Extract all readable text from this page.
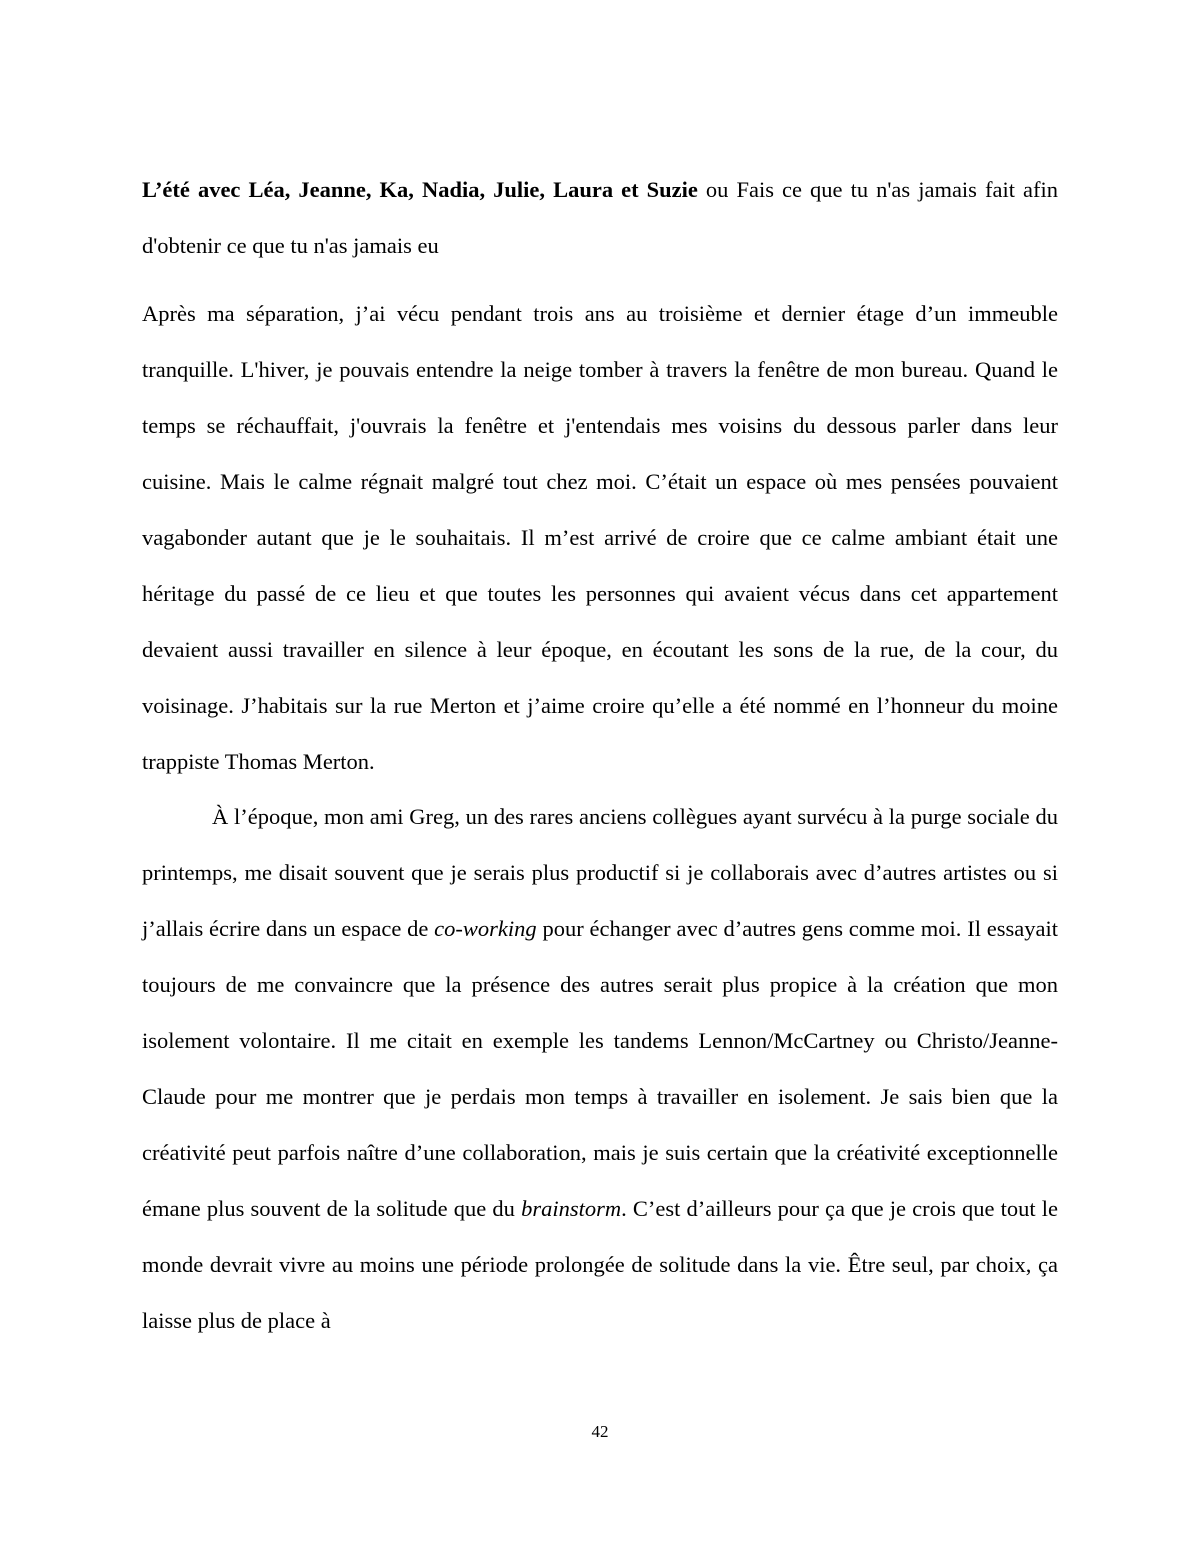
L’été avec Léa, Jeanne, Ka, Nadia, Julie, Laura et Suzie ou Fais ce que tu n'as jamais fait afin d'obtenir ce que tu n'as jamais eu

Après ma séparation, j’ai vécu pendant trois ans au troisième et dernier étage d’un immeuble tranquille. L'hiver, je pouvais entendre la neige tomber à travers la fenêtre de mon bureau. Quand le temps se réchauffait, j'ouvrais la fenêtre et j'entendais mes voisins du dessous parler dans leur cuisine. Mais le calme régnait malgré tout chez moi. C’était un espace où mes pensées pouvaient vagabonder autant que je le souhaitais. Il m’est arrivé de croire que ce calme ambiant était une héritage du passé de ce lieu et que toutes les personnes qui avaient vécus dans cet appartement devaient aussi travailler en silence à leur époque, en écoutant les sons de la rue, de la cour, du voisinage. J’habitais sur la rue Merton et j’aime croire qu’elle a été nommé en l’honneur du moine trappiste Thomas Merton.

À l’époque, mon ami Greg, un des rares anciens collègues ayant survécu à la purge sociale du printemps, me disait souvent que je serais plus productif si je collaborais avec d’autres artistes ou si j’allais écrire dans un espace de co-working pour échanger avec d’autres gens comme moi. Il essayait toujours de me convaincre que la présence des autres serait plus propice à la création que mon isolement volontaire. Il me citait en exemple les tandems Lennon/McCartney ou Christo/Jeanne-Claude pour me montrer que je perdais mon temps à travailler en isolement. Je sais bien que la créativité peut parfois naître d’une collaboration, mais je suis certain que la créativité exceptionnelle émane plus souvent de la solitude que du brainstorm. C’est d’ailleurs pour ça que je crois que tout le monde devrait vivre au moins une période prolongée de solitude dans la vie. Être seul, par choix, ça laisse plus de place à

42
